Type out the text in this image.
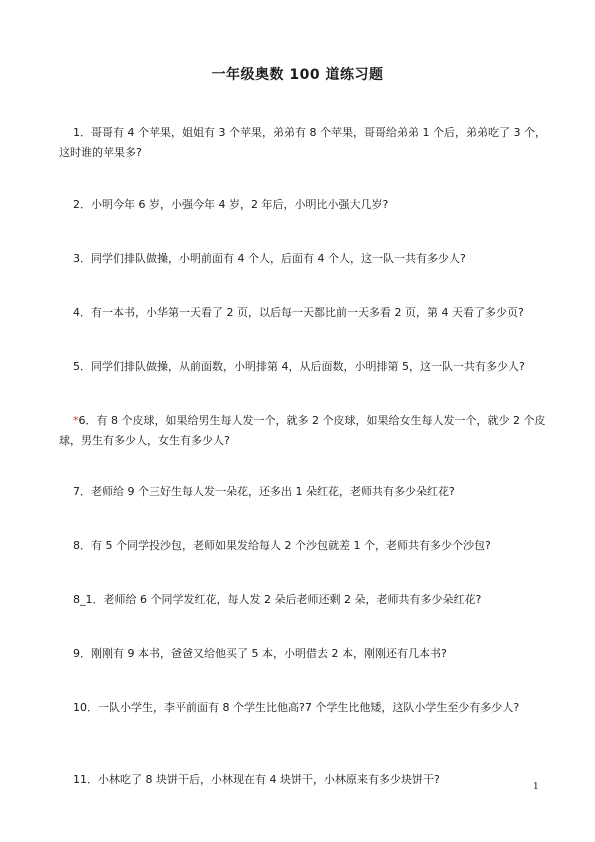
一年级奥数 100 道练习题

1．哥哥有 4 个苹果，姐姐有 3 个苹果，弟弟有 8 个苹果，哥哥给弟弟 1 个后，弟弟吃了 3 个，这时谁的苹果多?

2．小明今年 6 岁，小强今年 4 岁，2 年后，小明比小强大几岁?

3．同学们排队做操，小明前面有 4 个人，后面有 4 个人，这一队一共有多少人?

4．有一本书，小华第一天看了 2 页，以后每一天都比前一天多看 2 页，第 4 天看了多少页?

5．同学们排队做操，从前面数，小明排第 4，从后面数，小明排第 5，这一队一共有多少人?

*6．有 8 个皮球，如果给男生每人发一个，就多 2 个皮球，如果给女生每人发一个，就少 2 个皮球，男生有多少人，女生有多少人?

7．老师给 9 个三好生每人发一朵花，还多出 1 朵红花，老师共有多少朵红花?

8．有 5 个同学投沙包，老师如果发给每人 2 个沙包就差 1 个，老师共有多少个沙包?

8_1．老师给 6 个同学发红花，每人发 2 朵后老师还剩 2 朵，老师共有多少朵红花?

9．刚刚有 9 本书，爸爸又给他买了 5 本，小明借去 2 本，刚刚还有几本书?

10．一队小学生，李平前面有 8 个学生比他高?7 个学生比他矮，这队小学生至少有多少人?

11．小林吃了 8 块饼干后，小林现在有 4 块饼干，小林原来有多少块饼干?

1
